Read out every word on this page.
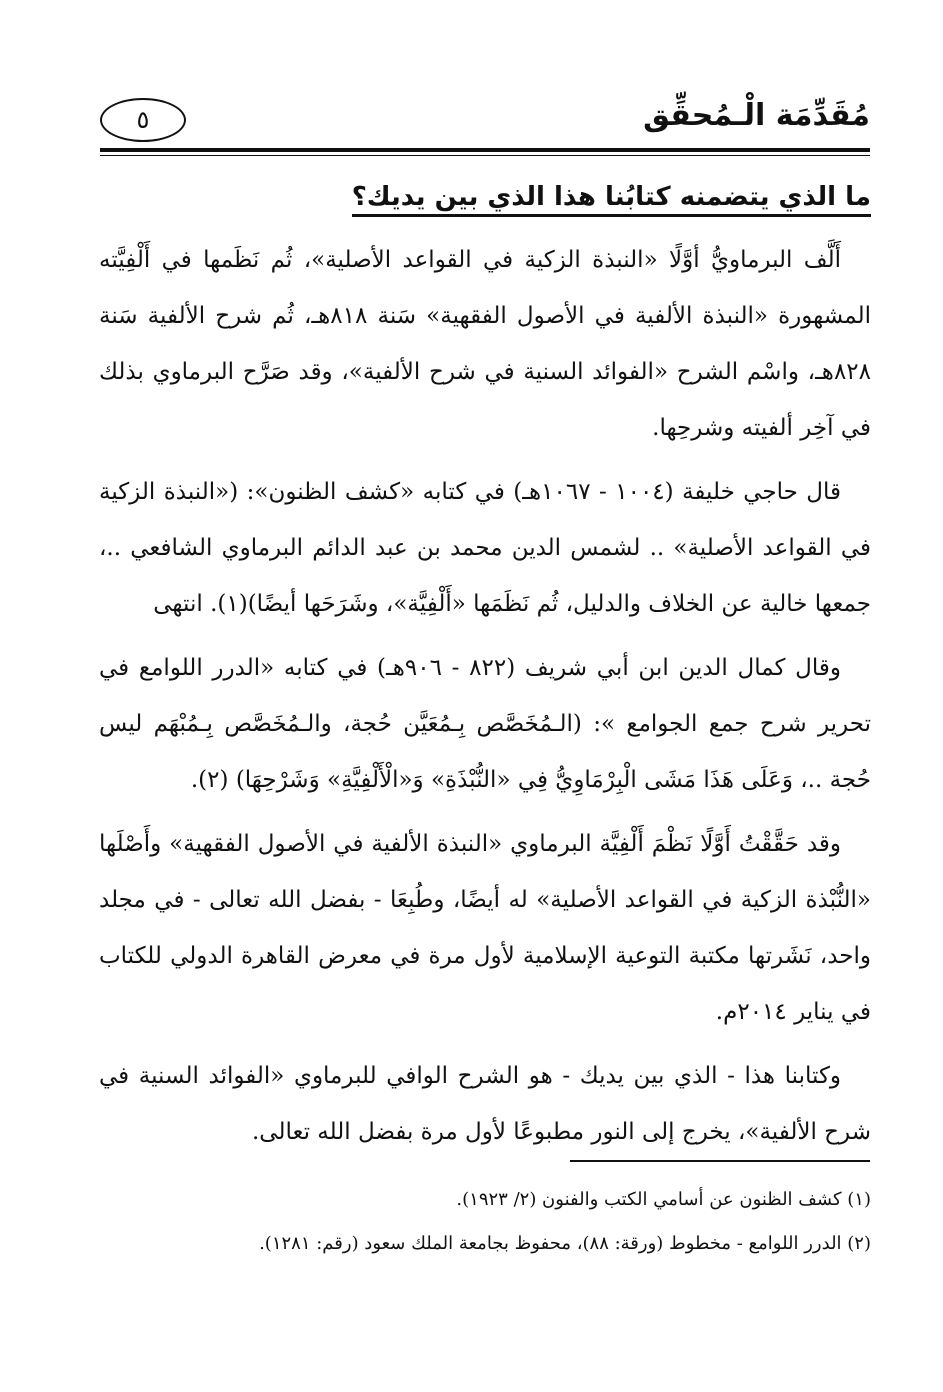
مُقَدِّمَة الْـمُحقِّق
٥
ما الذي يتضمنه كتابُنا هذا الذي بين يديك؟

أَلَّف البرماويُّ أوَّلًا «النبذة الزكية في القواعد الأصلية»، ثُم نَظَمها في أَلْفِيَّته المشهورة «النبذة الألفية في الأصول الفقهية» سَنة ٨١٨هـ، ثُم شرح الألفية سَنة ٨٢٨هـ، واسْم الشرح «الفوائد السنية في شرح الألفية»، وقد صَرَّح البرماوي بذلك في آخِر ألفيته وشرحِها.

قال حاجي خليفة (١٠٠٤ - ١٠٦٧هـ) في كتابه «كشف الظنون»: («النبذة الزكية في القواعد الأصلية» .. لشمس الدين محمد بن عبد الدائم البرماوي الشافعي ..، جمعها خالية عن الخلاف والدليل، ثُم نَظَمَها «أَلْفِيَّة»، وشَرَحَها أيضًا)(١). انتهى

وقال كمال الدين ابن أبي شريف (٨٢٢ - ٩٠٦هـ) في كتابه «الدرر اللوامع في تحرير شرح جمع الجوامع »: (الـمُخَصَّص بِـمُعَيَّن حُجة، والـمُخَصَّص بِـمُبْهَم ليس حُجة ..، وَعَلَى هَذَا مَشَى الْبِرْمَاوِيُّ فِي «النُّبْذَةِ» وَ«الْأَلْفِيَّةِ» وَشَرْحِهَا) (٢).

وقد حَقَّقْتُ أَوَّلًا نَظْمَ أَلْفِيَّة البرماوي «النبذة الألفية في الأصول الفقهية» وأَصْلَها «النُّبْذة الزكية في القواعد الأصلية» له أيضًا، وطُبِعَا - بفضل الله تعالى - في مجلد واحد، نَشَرتها مكتبة التوعية الإسلامية لأول مرة في معرض القاهرة الدولي للكتاب في يناير ٢٠١٤م.

وكتابنا هذا - الذي بين يديك - هو الشرح الوافي للبرماوي «الفوائد السنية في شرح الألفية»، يخرج إلى النور مطبوعًا لأول مرة بفضل الله تعالى.

(١) كشف الظنون عن أسامي الكتب والفنون (٢/ ١٩٢٣).

(٢) الدرر اللوامع - مخطوط (ورقة: ٨٨)، محفوظ بجامعة الملك سعود (رقم: ١٢٨١).
